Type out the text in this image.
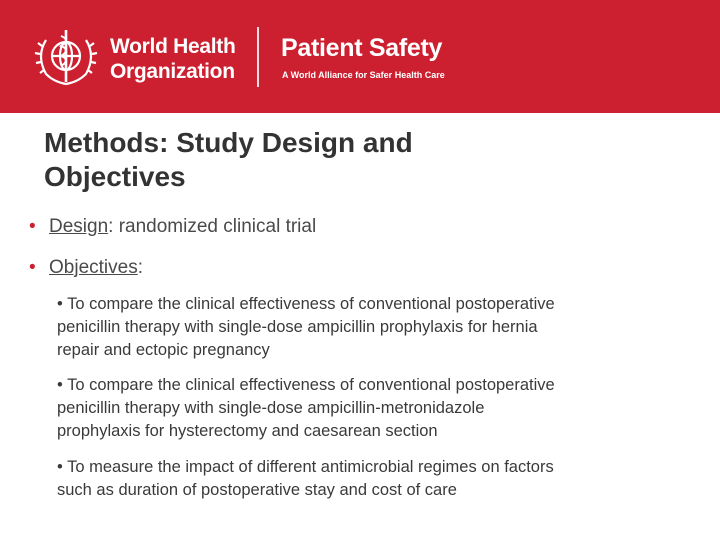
World Health
Organization
Patient Safety
A World Alliance for Safer Health Care
Methods: Study Design and
Objectives
• Design: randomized clinical trial
• Objectives:
• To compare the clinical effectiveness of conventional postoperative
penicillin therapy with single-dose ampicillin prophylaxis for hernia
repair and ectopic pregnancy
• To compare the clinical effectiveness of conventional postoperative
penicillin therapy with single-dose ampicillin-metronidazole
prophylaxis for hysterectomy and caesarean section
• To measure the impact of different antimicrobial regimes on factors
such as duration of postoperative stay and cost of care
